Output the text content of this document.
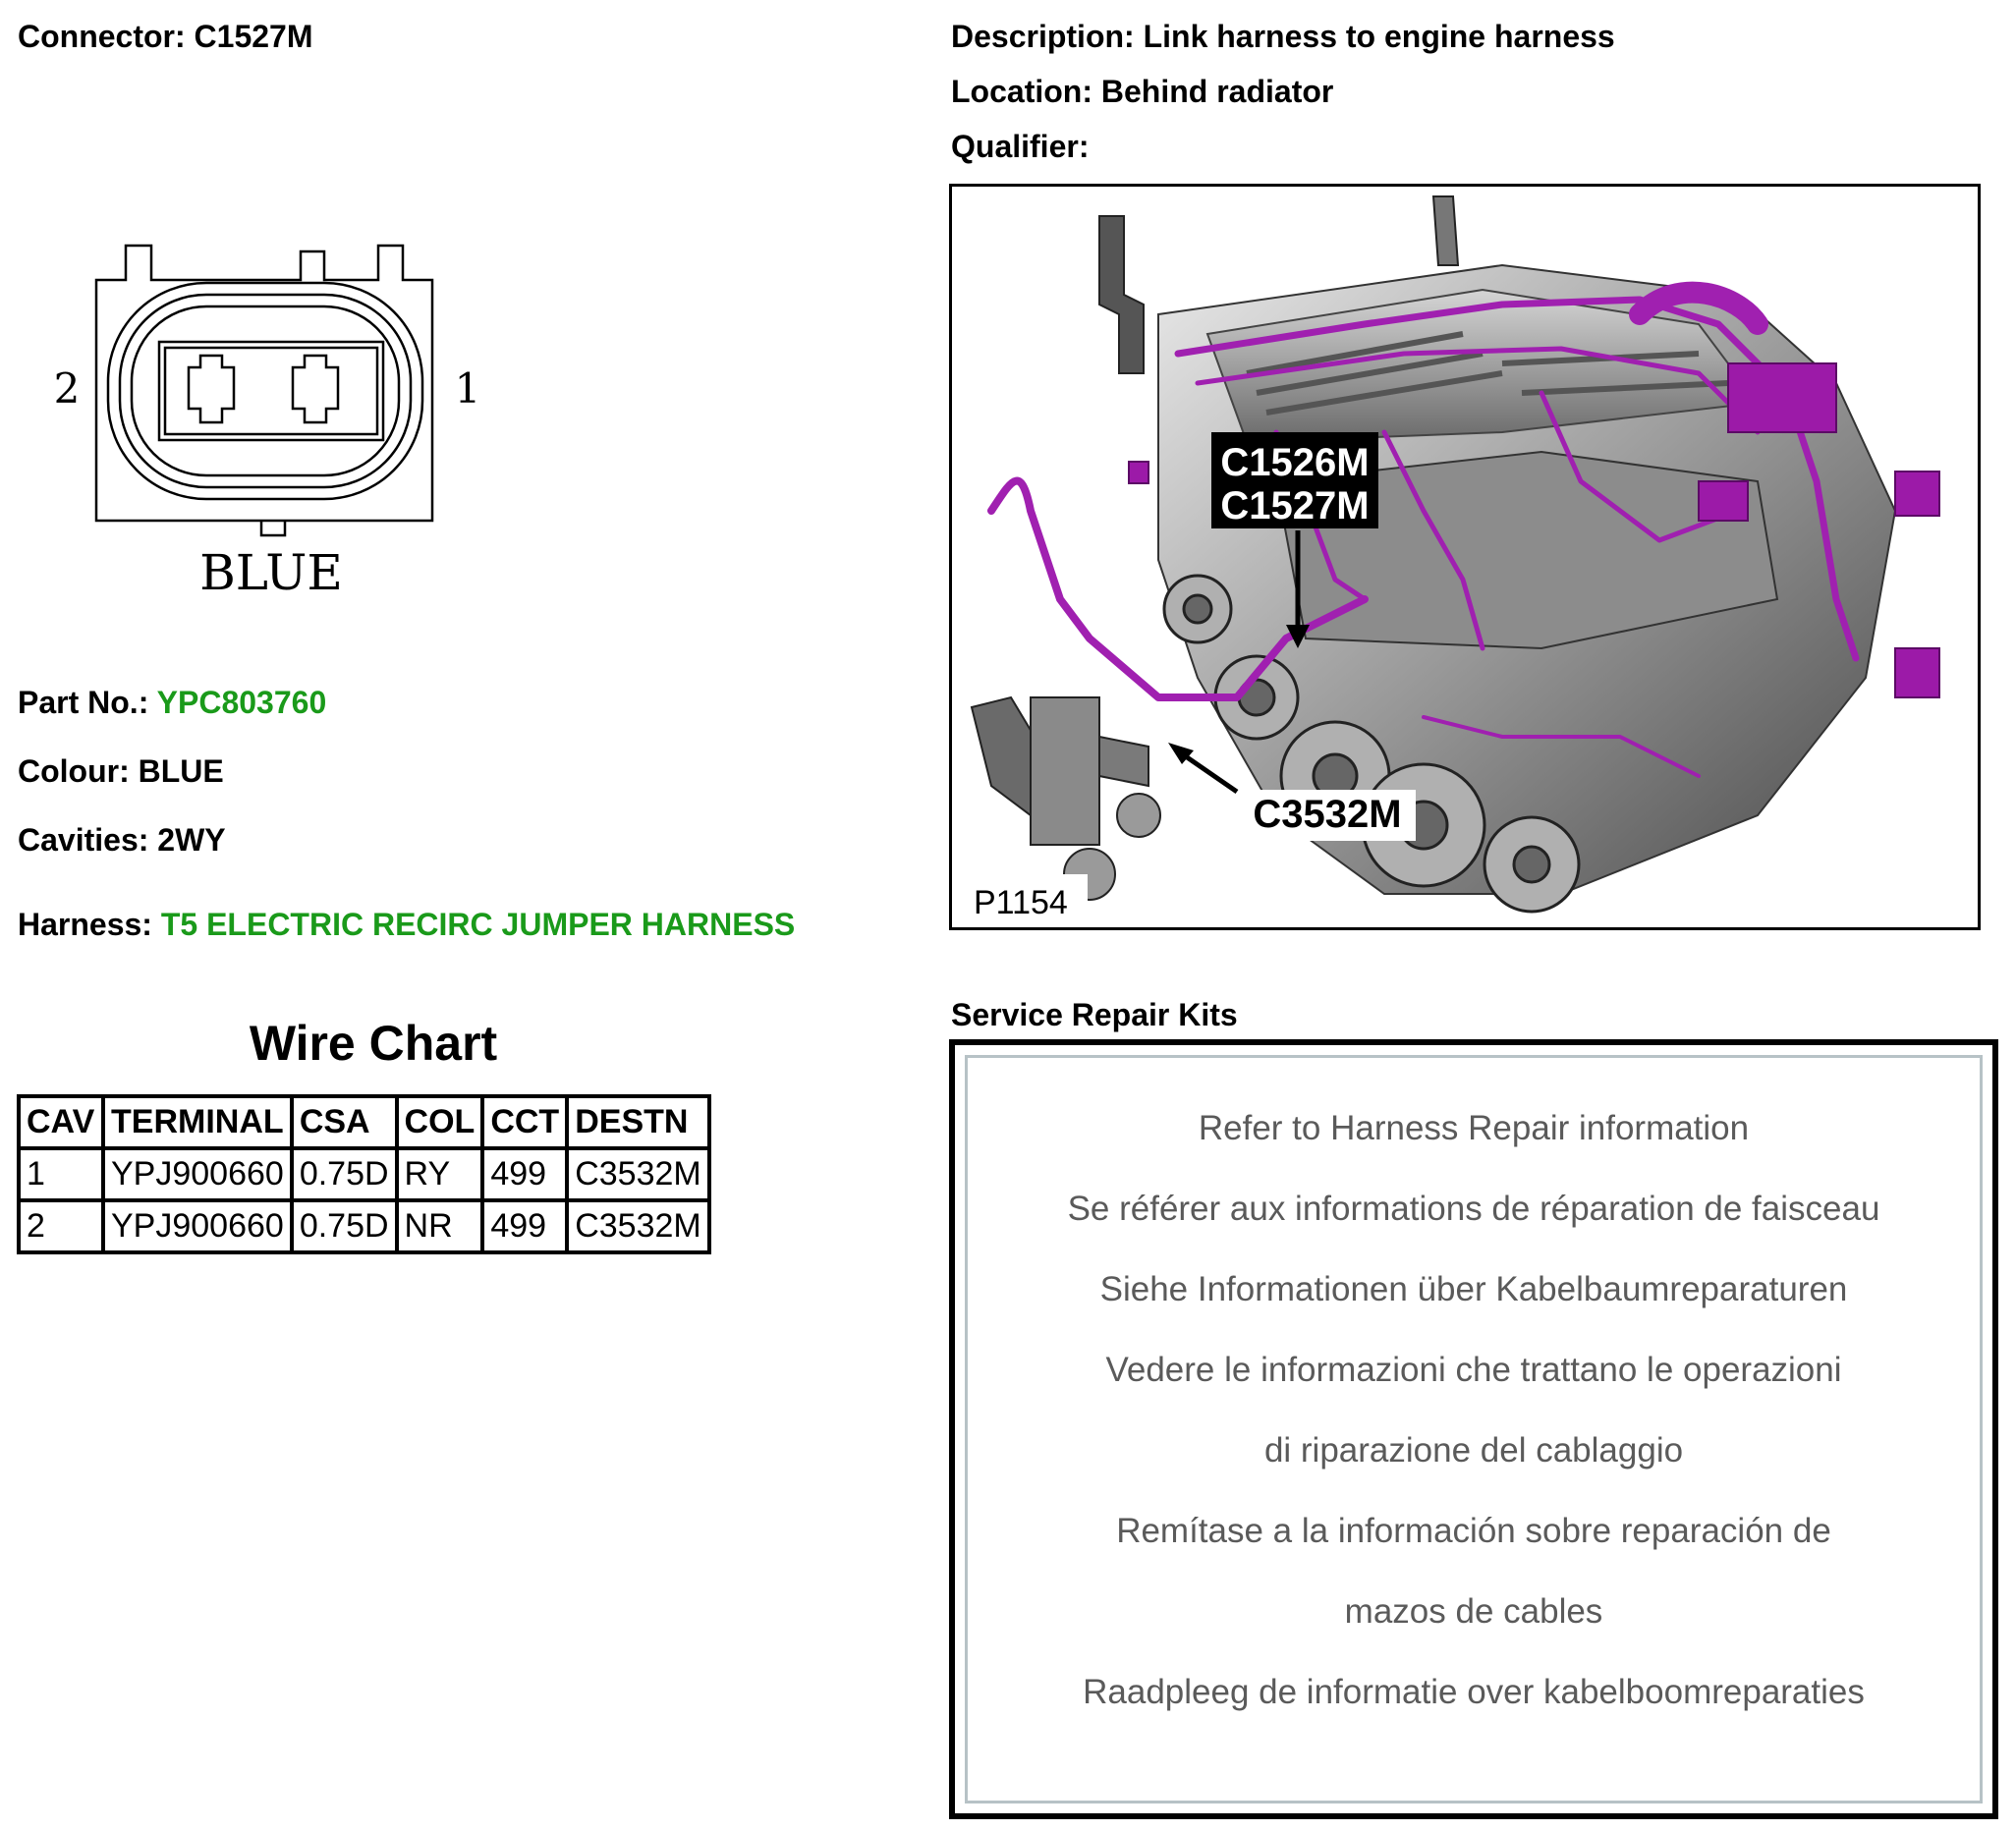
Connector: C1527M	Description: Link harness to engine harness
Location: Behind radiator
Qualifier:
2	1
BLUE
Part No.: YPC803760
Colour: BLUE
Cavities: 2WY
Harness: T5 ELECTRIC RECIRC JUMPER HARNESS
Wire Chart
CAV	TERMINAL	CSA	COL	CCT	DESTN
1	YPJ900660	0.75D	RY	499	C3532M
2	YPJ900660	0.75D	NR	499	C3532M
C1526M
C1527M
C3532M
P1154
Service Repair Kits
Refer to Harness Repair information
Se référer aux informations de réparation de faisceau
Siehe Informationen über Kabelbaumreparaturen
Vedere le informazioni che trattano le operazioni
di riparazione del cablaggio
Remítase a la información sobre reparación de
mazos de cables
Raadpleeg de informatie over kabelboomreparaties
